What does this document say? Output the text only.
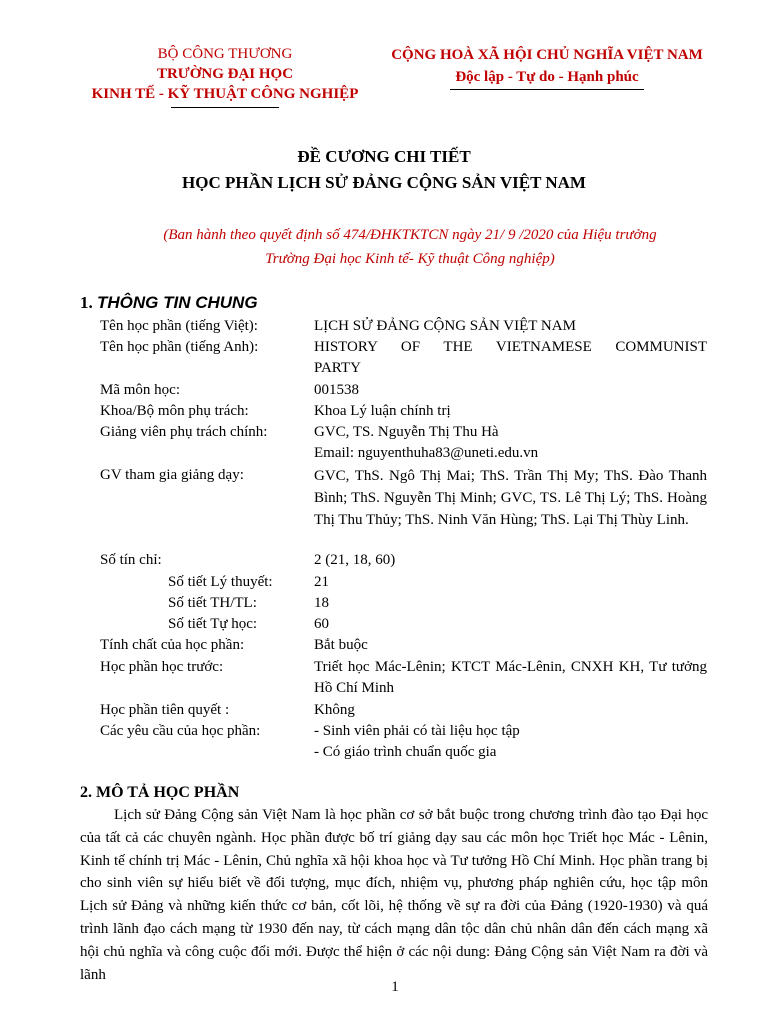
BỘ CÔNG THƯƠNG
TRƯỜNG ĐẠI HỌC
KINH TẾ - KỸ THUẬT CÔNG NGHIỆP
CỘNG HOÀ XÃ HỘI CHỦ NGHĨA VIỆT NAM
Độc lập - Tự do - Hạnh phúc
ĐỀ CƯƠNG CHI TIẾT
HỌC PHẦN LỊCH SỬ ĐẢNG CỘNG SẢN VIỆT NAM
(Ban hành theo quyết định số 474/ĐHKTKTCN ngày 21/ 9 /2020 của Hiệu trưởng
Trường Đại học Kinh tế- Kỹ thuật Công nghiệp)
1. THÔNG TIN CHUNG
Tên học phần (tiếng Việt):	LỊCH SỬ ĐẢNG CỘNG SẢN VIỆT NAM
Tên học phần (tiếng Anh):	HISTORY OF THE VIETNAMESE COMMUNIST
PARTY
Mã môn học:	001538
Khoa/Bộ môn phụ trách:	Khoa Lý luận chính trị
Giảng viên phụ trách chính:	GVC, TS. Nguyễn Thị Thu Hà
Email: nguyenthuha83@uneti.edu.vn
GV tham gia giảng dạy:	GVC, ThS. Ngô Thị Mai; ThS. Trần Thị My; ThS. Đào Thanh Bình; ThS. Nguyễn Thị Minh; GVC, TS. Lê Thị Lý; ThS. Hoàng Thị Thu Thủy; ThS. Ninh Văn Hùng; ThS. Lại Thị Thùy Linh.
Số tín chỉ:	2 (21, 18, 60)
Số tiết Lý thuyết:	21
Số tiết TH/TL:	18
Số tiết Tự học:	60
Tính chất của học phần:	Bắt buộc
Học phần học trước:	Triết học Mác-Lênin; KTCT Mác-Lênin, CNXH KH, Tư tưởng Hồ Chí Minh
Học phần tiên quyết :	Không
Các yêu cầu của học phần:	- Sinh viên phải có tài liệu học tập
- Có giáo trình chuẩn quốc gia
2. MÔ TẢ HỌC PHẦN
Lịch sử Đảng Cộng sản Việt Nam là học phần cơ sở bắt buộc trong chương trình đào tạo Đại học của tất cả các chuyên ngành. Học phần được bố trí giảng dạy sau các môn học Triết học Mác - Lênin, Kinh tế chính trị Mác - Lênin, Chủ nghĩa xã hội khoa học và Tư tưởng Hồ Chí Minh. Học phần trang bị cho sinh viên sự hiểu biết về đối tượng, mục đích, nhiệm vụ, phương pháp nghiên cứu, học tập môn Lịch sử Đảng và những kiến thức cơ bản, cốt lõi, hệ thống về sự ra đời của Đảng (1920-1930) và quá trình lãnh đạo cách mạng từ 1930 đến nay, từ cách mạng dân tộc dân chủ nhân dân đến cách mạng xã hội chủ nghĩa và công cuộc đổi mới. Được thể hiện ở các nội dung: Đảng Cộng sản Việt Nam ra đời và lãnh
1
